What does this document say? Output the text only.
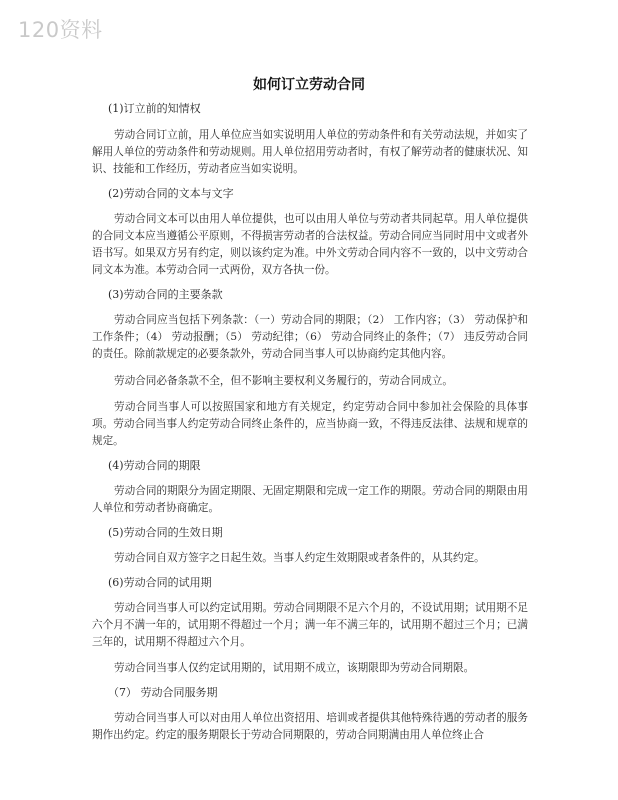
120资料
如何订立劳动合同

(1)订立前的知情权

劳动合同订立前，用人单位应当如实说明用人单位的劳动条件和有关劳动法规，并如实了解用人单位的劳动条件和劳动规则。用人单位招用劳动者时，有权了解劳动者的健康状况、知识、技能和工作经历，劳动者应当如实说明。

(2)劳动合同的文本与文字

劳动合同文本可以由用人单位提供，也可以由用人单位与劳动者共同起草。用人单位提供的合同文本应当遵循公平原则，不得损害劳动者的合法权益。劳动合同应当同时用中文或者外语书写。如果双方另有约定，则以该约定为准。中外文劳动合同内容不一致的，以中文劳动合同文本为准。本劳动合同一式两份，双方各执一份。

(3)劳动合同的主要条款

劳动合同应当包括下列条款：（一）劳动合同的期限；（2） 工作内容；（3） 劳动保护和工作条件；（4） 劳动报酬；（5） 劳动纪律；（6） 劳动合同终止的条件；（7） 违反劳动合同的责任。除前款规定的必要条款外，劳动合同当事人可以协商约定其他内容。

劳动合同必备条款不全，但不影响主要权利义务履行的，劳动合同成立。

劳动合同当事人可以按照国家和地方有关规定，约定劳动合同中参加社会保险的具体事项。劳动合同当事人约定劳动合同终止条件的，应当协商一致，不得违反法律、法规和规章的规定。

(4)劳动合同的期限

劳动合同的期限分为固定期限、无固定期限和完成一定工作的期限。劳动合同的期限由用人单位和劳动者协商确定。

(5)劳动合同的生效日期

劳动合同自双方签字之日起生效。当事人约定生效期限或者条件的，从其约定。

(6)劳动合同的试用期

劳动合同当事人可以约定试用期。劳动合同期限不足六个月的，不设试用期；试用期不足六个月不满一年的，试用期不得超过一个月；满一年不满三年的，试用期不超过三个月；已满三年的，试用期不得超过六个月。

劳动合同当事人仅约定试用期的，试用期不成立，该期限即为劳动合同期限。

（7） 劳动合同服务期

劳动合同当事人可以对由用人单位出资招用、培训或者提供其他特殊待遇的劳动者的服务期作出约定。约定的服务期限长于劳动合同期限的，劳动合同期满由用人单位终止合
